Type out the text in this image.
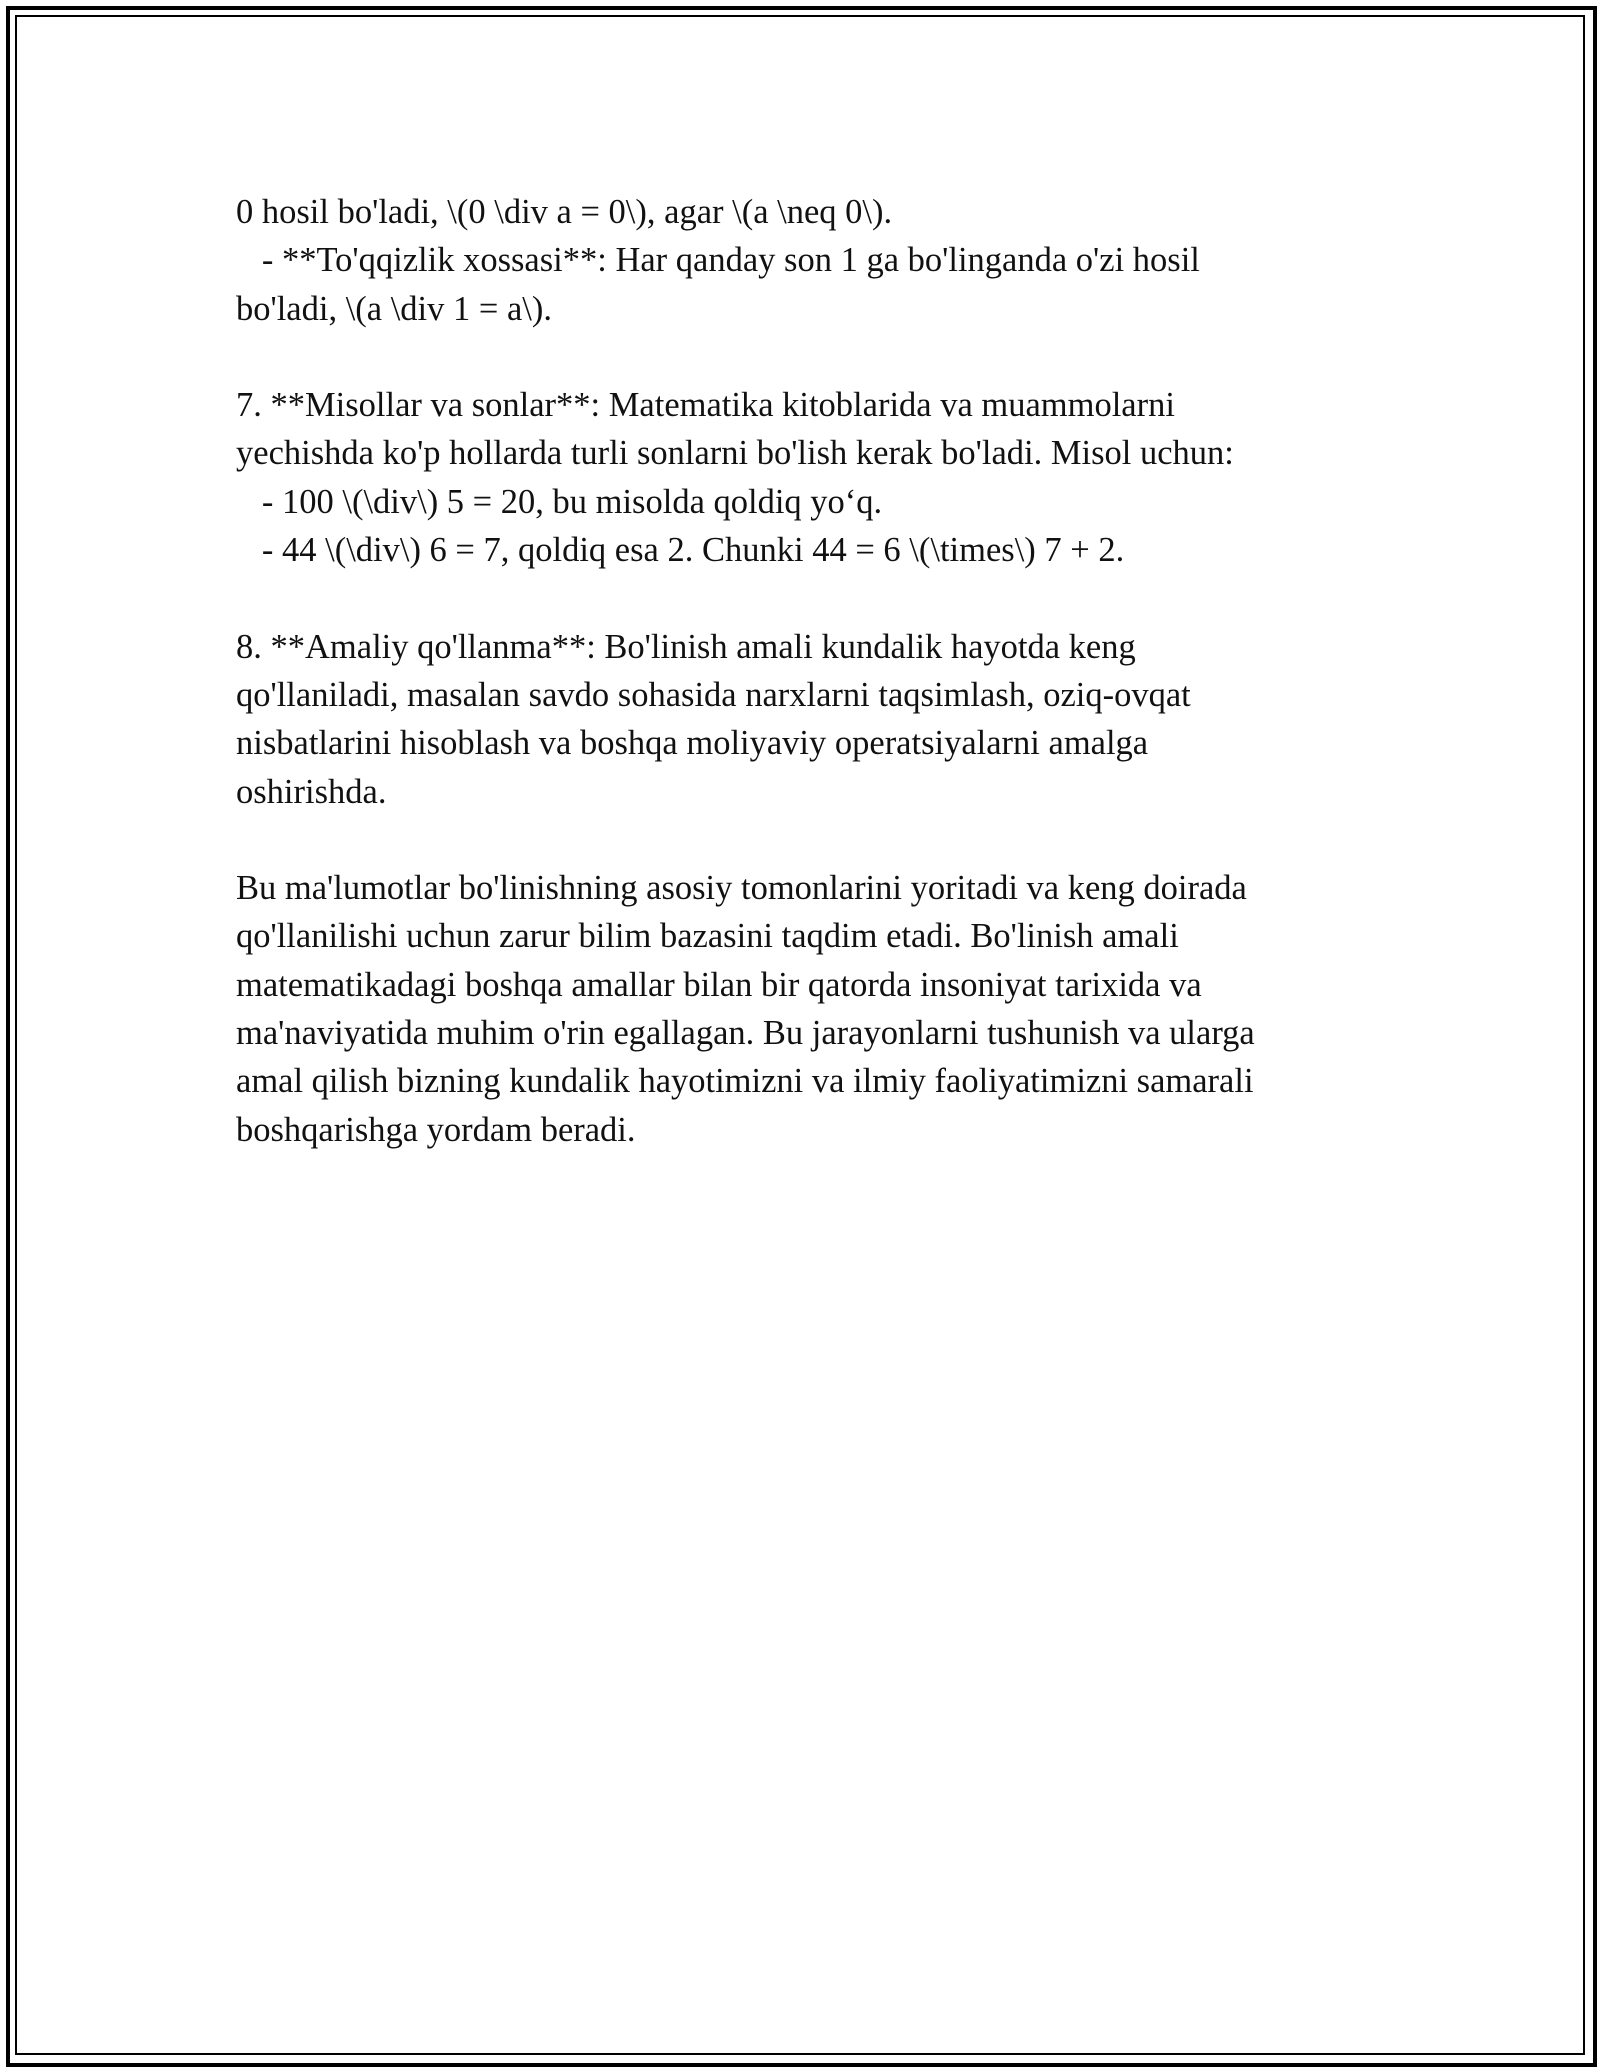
0 hosil bo'ladi, \(0 \div a = 0\), agar \(a \neq 0\).
- **To'qqizlik xossasi**: Har qanday son 1 ga bo'linganda o'zi hosil
bo'ladi, \(a \div 1 = a\).
7. **Misollar va sonlar**: Matematika kitoblarida va muammolarni
yechishda ko'p hollarda turli sonlarni bo'lish kerak bo'ladi. Misol uchun:
- 100 \(\div\) 5 = 20, bu misolda qoldiq yo‘q.
- 44 \(\div\) 6 = 7, qoldiq esa 2. Chunki 44 = 6 \(\times\) 7 + 2.
8. **Amaliy qo'llanma**: Bo'linish amali kundalik hayotda keng
qo'llaniladi, masalan savdo sohasida narxlarni taqsimlash, oziq-ovqat
nisbatlarini hisoblash va boshqa moliyaviy operatsiyalarni amalga
oshirishda.
Bu ma'lumotlar bo'linishning asosiy tomonlarini yoritadi va keng doirada
qo'llanilishi uchun zarur bilim bazasini taqdim etadi. Bo'linish amali
matematikadagi boshqa amallar bilan bir qatorda insoniyat tarixida va
ma'naviyatida muhim o'rin egallagan. Bu jarayonlarni tushunish va ularga
amal qilish bizning kundalik hayotimizni va ilmiy faoliyatimizni samarali
boshqarishga yordam beradi.
